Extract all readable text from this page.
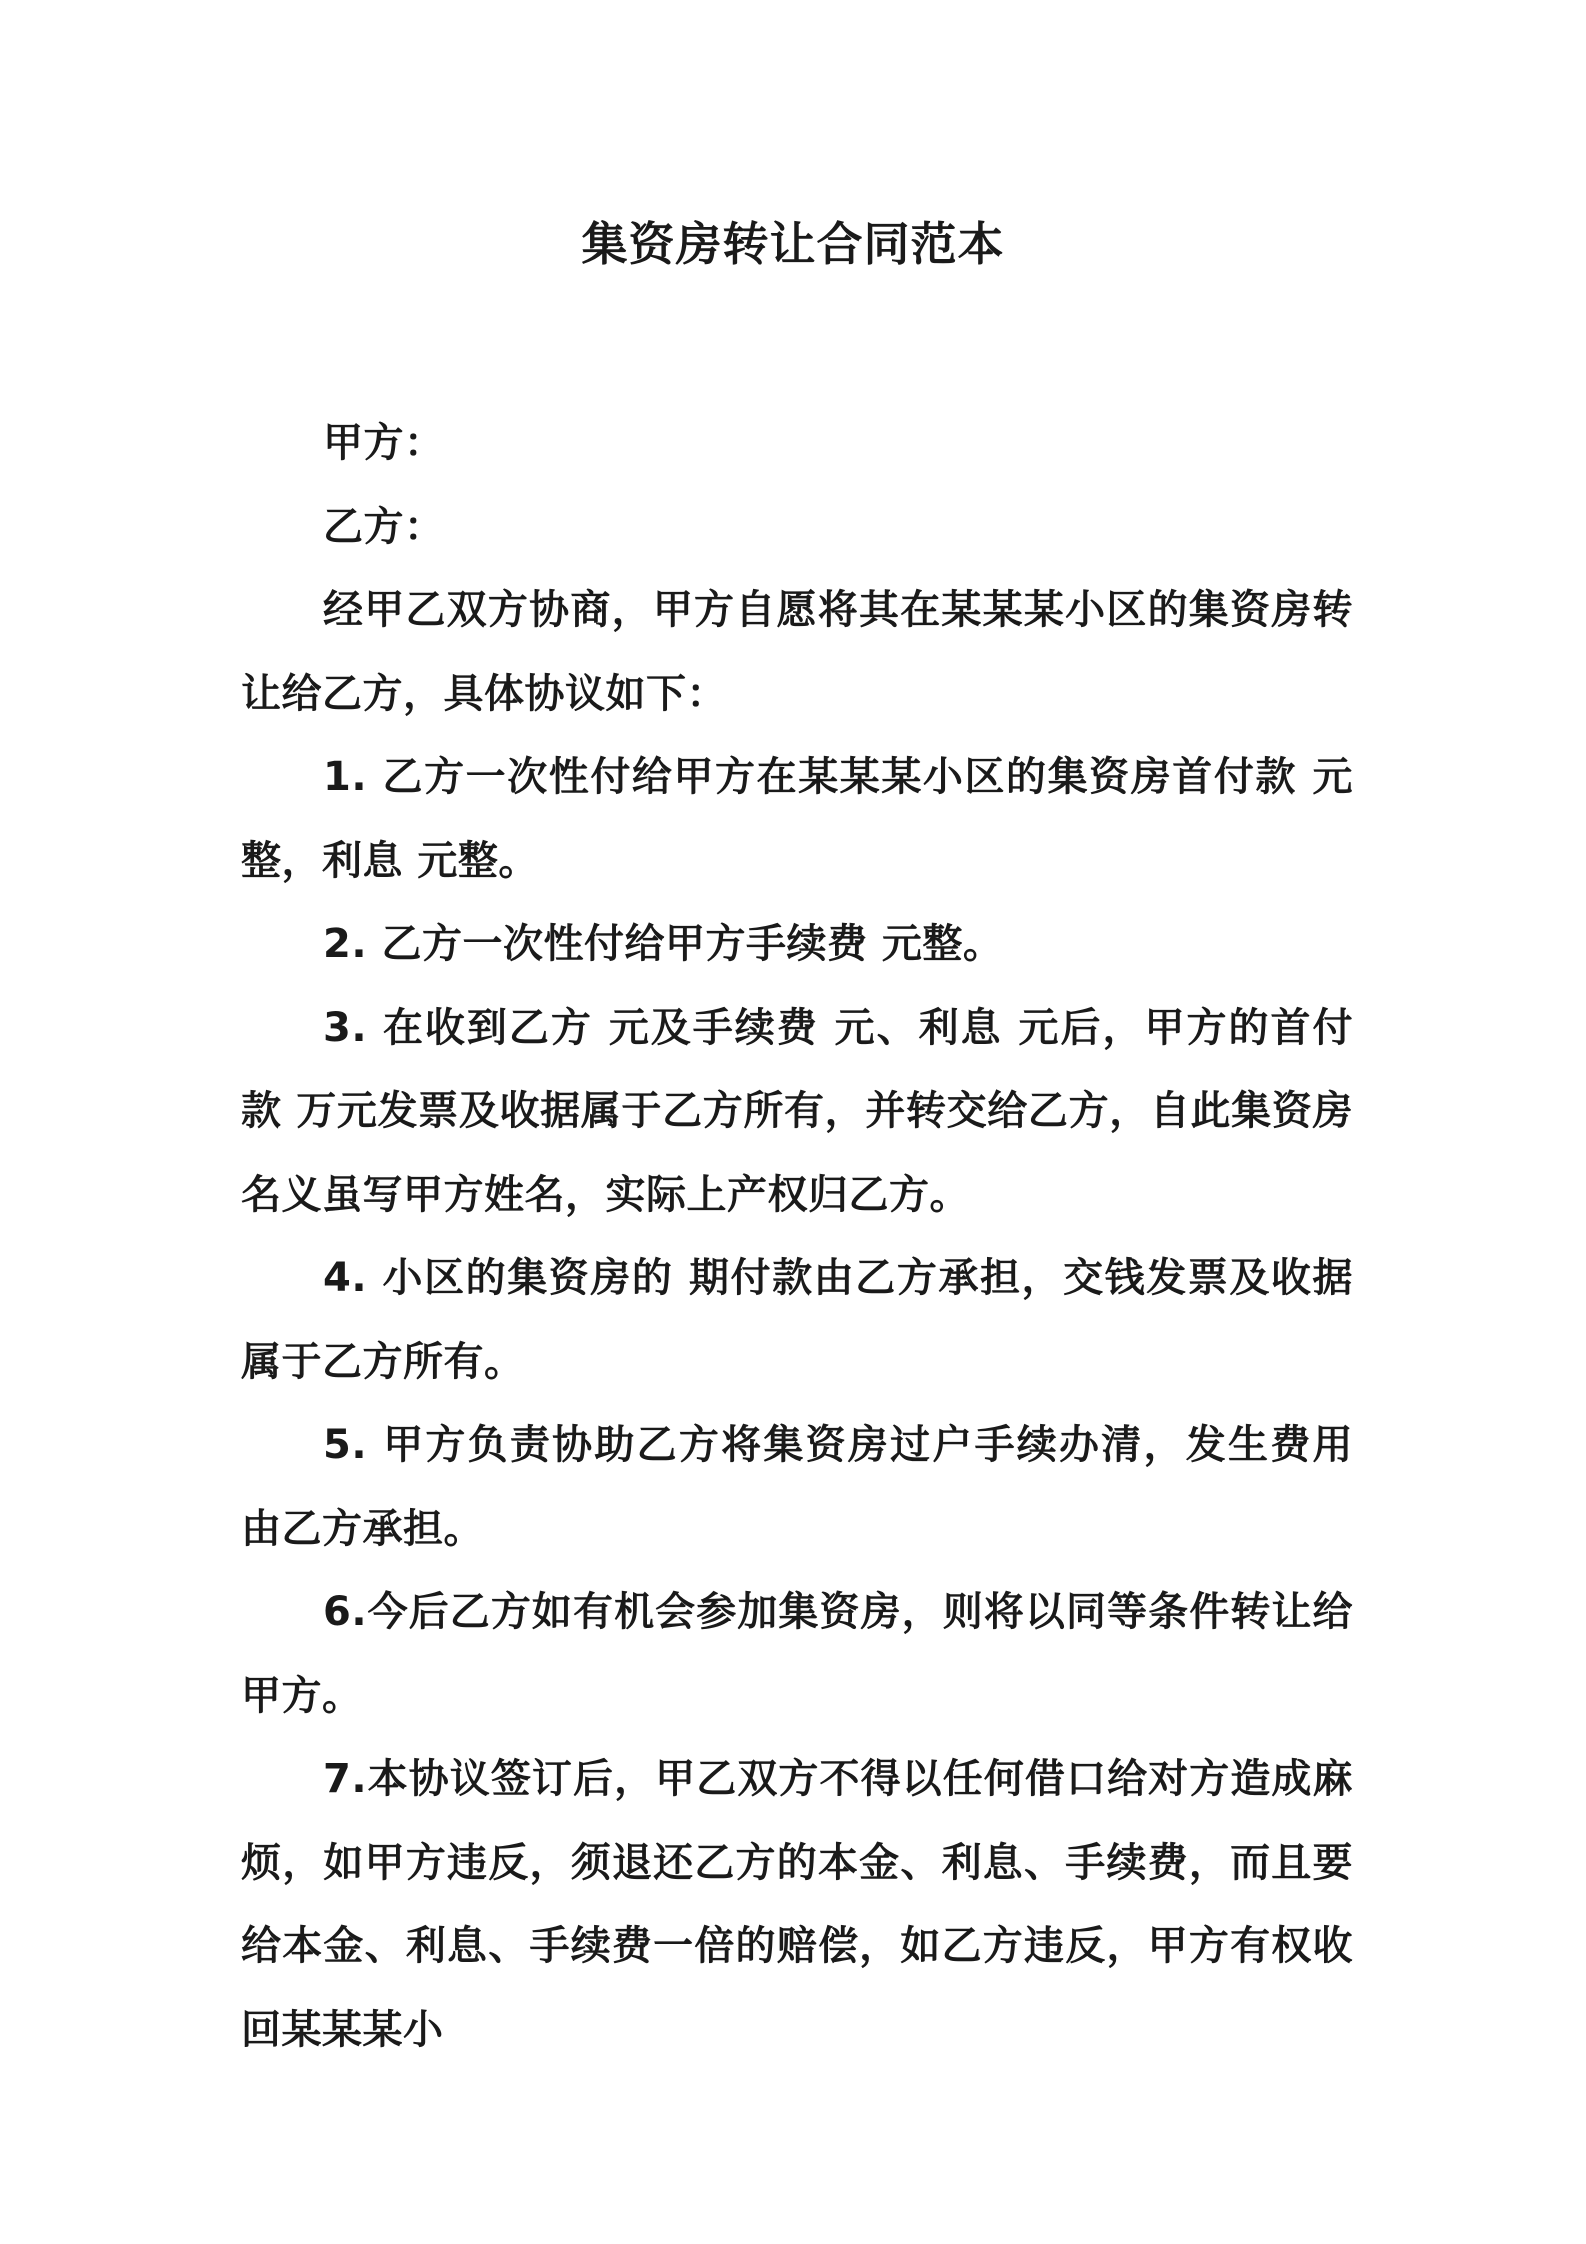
集资房转让合同范本

甲方：

乙方：

经甲乙双方协商，甲方自愿将其在某某某小区的集资房转让给乙方，具体协议如下：

1. 乙方一次性付给甲方在某某某小区的集资房首付款 元整，利息 元整。

2. 乙方一次性付给甲方手续费 元整。

3. 在收到乙方 元及手续费 元、利息 元后，甲方的首付款 万元发票及收据属于乙方所有，并转交给乙方，自此集资房名义虽写甲方姓名，实际上产权归乙方。

4. 小区的集资房的 期付款由乙方承担，交钱发票及收据属于乙方所有。

5. 甲方负责协助乙方将集资房过户手续办清，发生费用由乙方承担。

6.今后乙方如有机会参加集资房，则将以同等条件转让给甲方。

7.本协议签订后，甲乙双方不得以任何借口给对方造成麻烦，如甲方违反，须退还乙方的本金、利息、手续费，而且要给本金、利息、手续费一倍的赔偿，如乙方违反，甲方有权收回某某某小
